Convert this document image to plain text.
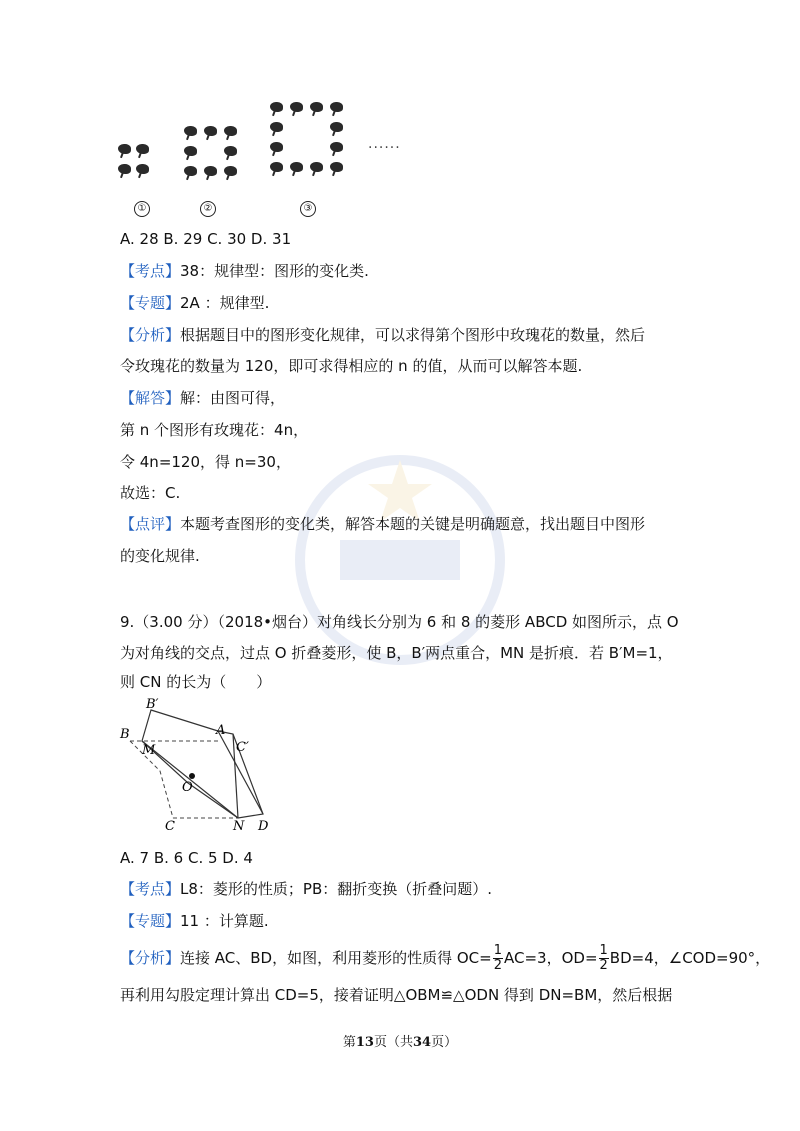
......
①	②	③
A. 28 B. 29 C. 30 D. 31
【考点】38：规律型：图形的变化类.
【专题】2A ：规律型.
【分析】根据题目中的图形变化规律，可以求得第个图形中玫瑰花的数量，然后
令玫瑰花的数量为 120，即可求得相应的 n 的值，从而可以解答本题.
【解答】解：由图可得，
第 n 个图形有玫瑰花：4n，
令 4n=120，得 n=30，
故选：C.
【点评】本题考查图形的变化类，解答本题的关键是明确题意，找出题目中图形
的变化规律.
9.（3.00 分）（2018•烟台）对角线长分别为 6 和 8 的菱形 ABCD 如图所示，点 O
为对角线的交点，过点 O 折叠菱形，使 B，B′两点重合，MN 是折痕．若 B′M=1，
则 CN 的长为（　　）
B′
B
M
A
C′
O
C	N D
A. 7 B. 6 C. 5 D. 4
【考点】L8：菱形的性质；PB：翻折变换（折叠问题）.
【专题】11 ：计算题.
【分析】连接 AC、BD，如图，利用菱形的性质得 $OC= \frac{1}{2} AC=3$，$OD= \frac{1}{2} BD=4$，∠COD=90°，
再利用勾股定理计算出 CD=5，接着证明△OBM≌△ODN 得到 DN=BM，然后根据
第13页（共34页）
